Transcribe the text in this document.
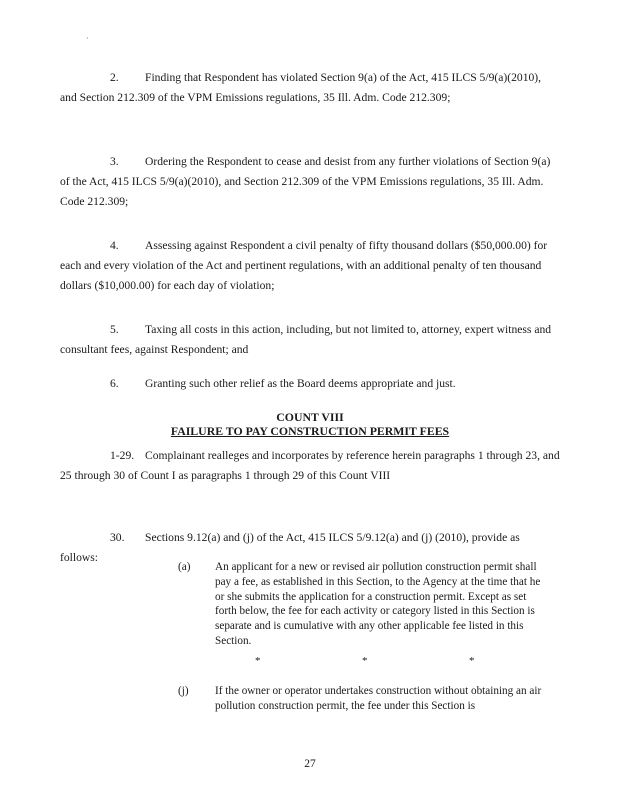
·

2. Finding that Respondent has violated Section 9(a) of the Act, 415 ILCS 5/9(a)(2010), and Section 212.309 of the VPM Emissions regulations, 35 Ill. Adm. Code 212.309;

3. Ordering the Respondent to cease and desist from any further violations of Section 9(a) of the Act, 415 ILCS 5/9(a)(2010), and Section 212.309 of the VPM Emissions regulations, 35 Ill. Adm. Code 212.309;

4. Assessing against Respondent a civil penalty of fifty thousand dollars ($50,000.00) for each and every violation of the Act and pertinent regulations, with an additional penalty of ten thousand dollars ($10,000.00) for each day of violation;

5. Taxing all costs in this action, including, but not limited to, attorney, expert witness and consultant fees, against Respondent; and

6. Granting such other relief as the Board deems appropriate and just.

COUNT VIII
FAILURE TO PAY CONSTRUCTION PERMIT FEES

1-29. Complainant realleges and incorporates by reference herein paragraphs 1 through 23, and 25 through 30 of Count I as paragraphs 1 through 29 of this Count VIII

30. Sections 9.12(a) and (j) of the Act, 415 ILCS 5/9.12(a) and (j) (2010), provide as follows:

(a)	An applicant for a new or revised air pollution construction permit shall pay a fee, as established in this Section, to the Agency at the time that he or she submits the application for a construction permit. Except as set forth below, the fee for each activity or category listed in this Section is separate and is cumulative with any other applicable fee listed in this Section.
*	*	*
(j)	If the owner or operator undertakes construction without obtaining an air pollution construction permit, the fee under this Section is
27
